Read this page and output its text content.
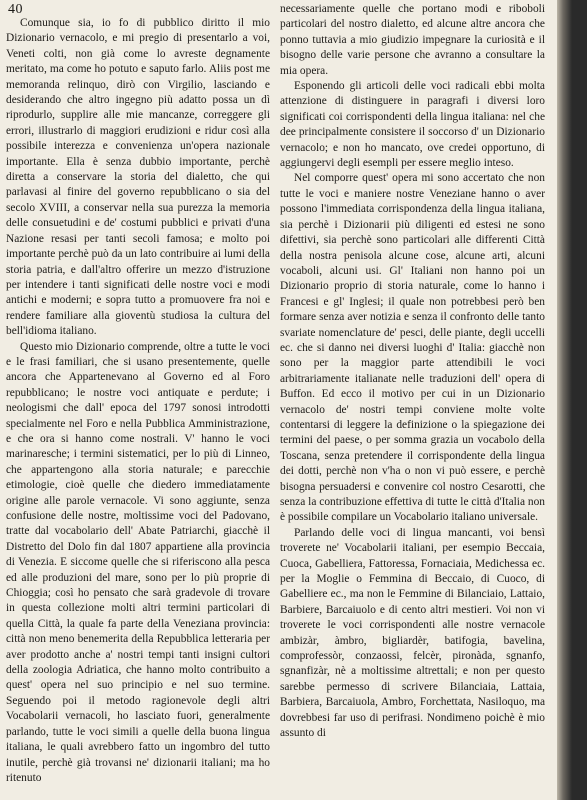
40

Comunque sia, io fo di pubblico diritto il mio Dizionario vernacolo, e mi pregio di presentarlo a voi, Veneti colti, non già come lo avreste degnamente meritato, ma come ho potuto e saputo farlo. Aliis post me memoranda relinquo, dirò con Virgilio, lasciando e desiderando che altro ingegno più adatto possa un dì riprodurlo, supplire alle mie mancanze, correggere gli errori, illustrarlo di maggiori erudizioni e ridur così alla possibile interezza e convenienza un'opera nazionale importante. Ella è senza dubbio importante, perchè diretta a conservare la storia del dialetto, che qui parlavasi al finire del governo repubblicano o sia del secolo XVIII, a conservar nella sua purezza la memoria delle consuetudini e de' costumi pubblici e privati d'una Nazione resasi per tanti secoli famosa; e molto poi importante perchè può da un lato contribuire ai lumi della storia patria, e dall'altro offerire un mezzo d'istruzione per intendere i tanti significati delle nostre voci e modi antichi e moderni; e sopra tutto a promuovere fra noi e rendere familiare alla gioventù studiosa la cultura del bell'idioma italiano.

Questo mio Dizionario comprende, oltre a tutte le voci e le frasi familiari, che si usano presentemente, quelle ancora che Appartenevano al Governo ed al Foro repubblicano; le nostre voci antiquate e perdute; i neologismi che dall' epoca del 1797 sonosi introdotti specialmente nel Foro e nella Pubblica Amministrazione, e che ora si hanno come nostrali. V' hanno le voci marinaresche; i termini sistematici, per lo più di Linneo, che appartengono alla storia naturale; e parecchie etimologie, cioè quelle che diedero immediatamente origine alle parole vernacole. Vi sono aggiunte, senza confusione delle nostre, moltissime voci del Padovano, tratte dal vocabolario dell' Abate Patriarchi, giacchè il Distretto del Dolo fin dal 1807 appartiene alla provincia di Venezia. E siccome quelle che si riferiscono alla pesca ed alle produzioni del mare, sono per lo più proprie di Chioggia; così ho pensato che sarà gradevole di trovare in questa collezione molti altri termini particolari di quella Città, la quale fa parte della Veneziana provincia: città non meno benemerita della Repubblica letteraria per aver prodotto anche a' nostri tempi tanti insigni cultori della zoologia Adriatica, che hanno molto contribuito a quest' opera nel suo principio e nel suo termine. Seguendo poi il metodo ragionevole degli altri Vocabolarii vernacoli, ho lasciato fuori, generalmente parlando, tutte le voci simili a quelle della buona lingua italiana, le quali avrebbero fatto un ingombro del tutto inutile, perchè già trovansi ne' dizionarii italiani; ma ho ritenuto

necessariamente quelle che portano modi e riboboli particolari del nostro dialetto, ed alcune altre ancora che ponno tuttavia a mio giudizio impegnare la curiosità e il bisogno delle varie persone che avranno a consultare la mia opera.

Esponendo gli articoli delle voci radicali ebbi molta attenzione di distinguere in paragrafi i diversi loro significati coi corrispondenti della lingua italiana: nel che dee principalmente consistere il soccorso d' un Dizionario vernacolo; e non ho mancato, ove credei opportuno, di aggiungervi degli esempli per essere meglio inteso.

Nel comporre quest' opera mi sono accertato che non tutte le voci e maniere nostre Veneziane hanno o aver possono l'immediata corrispondenza della lingua italiana, sia perchè i Dizionarii più diligenti ed estesi ne sono difettivi, sia perchè sono particolari alle differenti Città della nostra penisola alcune cose, alcune arti, alcuni vocaboli, alcuni usi. Gl' Italiani non hanno poi un Dizionario proprio di storia naturale, come lo hanno i Francesi e gl' Inglesi; il quale non potrebbesi però ben formare senza aver notizia e senza il confronto delle tanto svariate nomenclature de' pesci, delle piante, degli uccelli ec. che si danno nei diversi luoghi d' Italia: giacchè non sono per la maggior parte attendibili le voci arbitrariamente italianate nelle traduzioni dell' opera di Buffon. Ed ecco il motivo per cui in un Dizionario vernacolo de' nostri tempi conviene molte volte contentarsi di leggere la definizione o la spiegazione dei termini del paese, o per somma grazia un vocabolo della Toscana, senza pretendere il corrispondente della lingua dei dotti, perchè non v'ha o non vi può essere, e perchè bisogna persuadersi e convenire col nostro Cesarotti, che senza la contribuzione effettiva di tutte le città d'Italia non è possibile compilare un Vocabolario italiano universale.

Parlando delle voci di lingua mancanti, voi bensì troverete ne' Vocabolarii italiani, per esempio Beccaia, Cuoca, Gabelliera, Fattoressa, Fornaciaia, Medichessa ec. per la Moglie o Femmina di Beccaio, di Cuoco, di Gabelliere ec., ma non le Femmine di Bilanciaio, Lattaio, Barbiere, Barcaiuolo e di cento altri mestieri. Voi non vi troverete le voci corrispondenti alle nostre vernacole ambizàr, àmbro, bigliardèr, batifogia, bavelina, comprofessòr, conzaossi, felcèr, pironàda, sgnanfo, sgnanfizàr, nè a moltissime altrettali; e non per questo sarebbe permesso di scrivere Bilanciaia, Lattaia, Barbiera, Barcaiuola, Ambro, Forchettata, Nasiloquo, ma dovrebbesi far uso di perifrasi. Nondimeno poichè è mio assunto di
